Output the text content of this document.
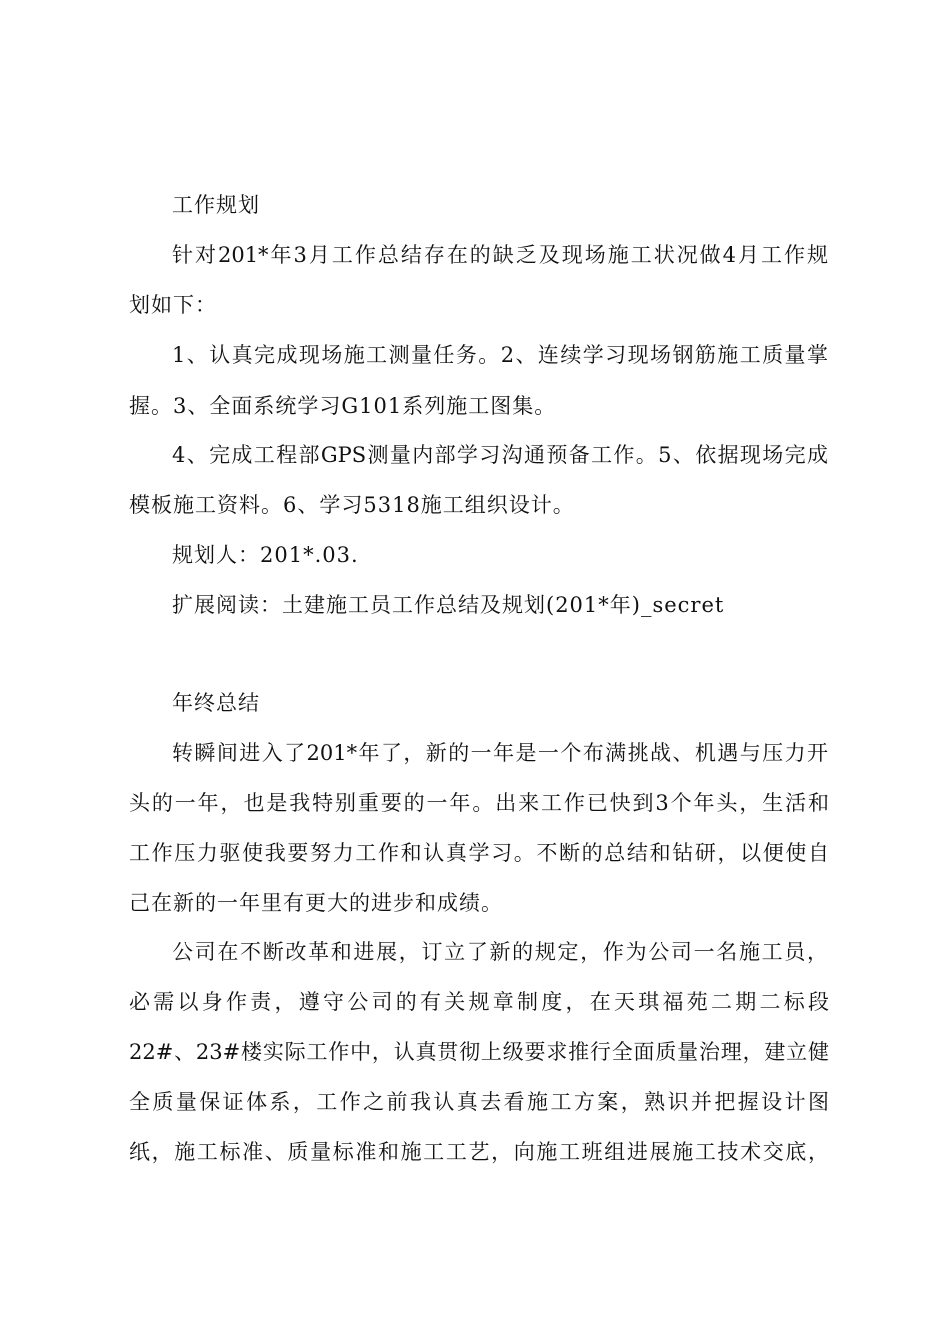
工作规划
针对201*年3月工作总结存在的缺乏及现场施工状况做4月工作规
划如下：
1、认真完成现场施工测量任务。2、连续学习现场钢筋施工质量掌
握。3、全面系统学习G101系列施工图集。
4、完成工程部GPS测量内部学习沟通预备工作。5、依据现场完成
模板施工资料。6、学习5318施工组织设计。
规划人：201*.03.
扩展阅读：土建施工员工作总结及规划(201*年)_secret
年终总结
转瞬间进入了201*年了，新的一年是一个布满挑战、机遇与压力开
头的一年，也是我特别重要的一年。出来工作已快到3个年头，生活和
工作压力驱使我要努力工作和认真学习。不断的总结和钻研，以便使自
己在新的一年里有更大的进步和成绩。
公司在不断改革和进展，订立了新的规定，作为公司一名施工员，
必需以身作责，遵守公司的有关规章制度，在天琪福苑二期二标段
22#、23#楼实际工作中，认真贯彻上级要求推行全面质量治理，建立健
全质量保证体系，工作之前我认真去看施工方案，熟识并把握设计图
纸，施工标准、质量标准和施工工艺，向施工班组进展施工技术交底，
